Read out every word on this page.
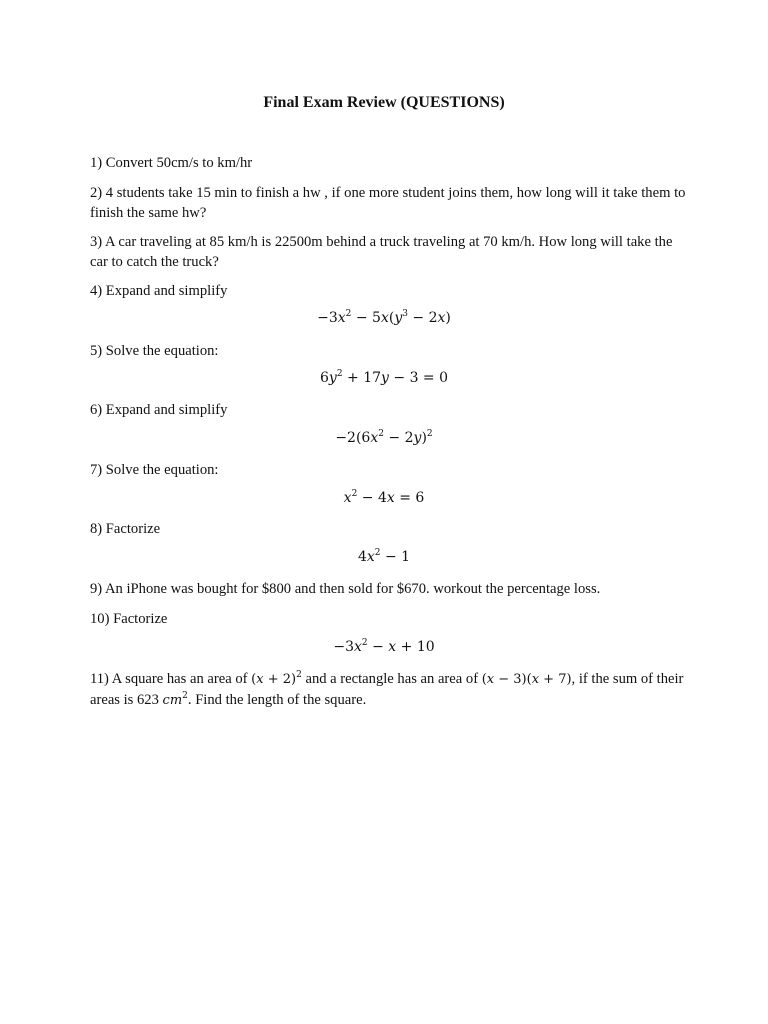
Final Exam Review (QUESTIONS)
1) Convert 50cm/s to km/hr
2) 4 students take 15 min to finish a hw , if one more student joins them, how long will it take them to finish the same hw?
3) A car traveling at 85 km/h is 22500m behind a truck traveling at 70 km/h. How long will take the car to catch the truck?
4) Expand and simplify
$-3x^2 - 5x(y^3 - 2x)$
5) Solve the equation:
$6y^2 + 17y - 3 = 0$
6) Expand and simplify
$-2(6x^2 - 2y)^2$
7) Solve the equation:
$x^2 - 4x = 6$
8) Factorize
$4x^2 - 1$
9) An iPhone was bought for $800 and then sold for $670. workout the percentage loss.
10) Factorize
$-3x^2 - x + 10$
11) A square has an area of $(x + 2)^2$ and a rectangle has an area of (x − 3)(x + 7), if the sum of their areas is 623 $cm^2$. Find the length of the square.
